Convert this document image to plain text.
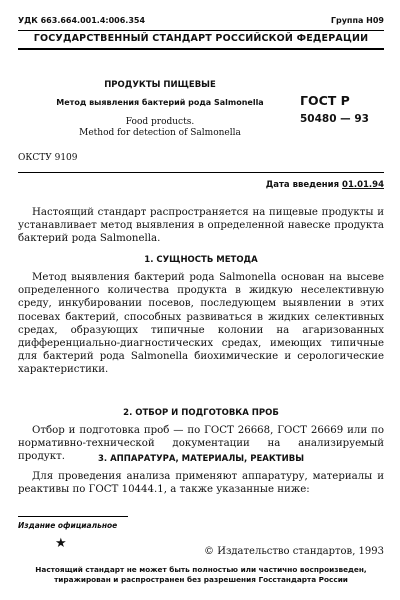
УДК 663.664.001.4:006.354	Группа Н09
ГОСУДАРСТВЕННЫЙ СТАНДАРТ РОССИЙСКОЙ ФЕДЕРАЦИИ
ПРОДУКТЫ ПИЩЕВЫЕ
Метод выявления бактерий рода Salmonella
Food products.
Method for detection of Salmonella
ГОСТ Р
50480 — 93
ОКСТУ 9109
Дата введения 01.01.94

Настоящий стандарт распространяется на пищевые продукты и устанавливает метод выявления в определенной навеске продукта бактерий рода Salmonella.

1. СУЩНОСТЬ МЕТОДА

Метод выявления бактерий рода Salmonella основан на высеве определенного количества продукта в жидкую неселективную среду, инкубировании посевов, последующем выявлении в этих посевах бактерий, способных развиваться в жидких селективных средах, образующих типичные колонии на агаризованных дифференциально-диагностических средах, имеющих типичные для бактерий рода Salmonella биохимические и серологические характеристики.

2. ОТБОР И ПОДГОТОВКА ПРОБ

Отбор и подготовка проб — по ГОСТ 26668, ГОСТ 26669 или по нормативно-технической документации на анализируемый продукт.	3. АППАРАТУРА, МАТЕРИАЛЫ, РЕАКТИВЫ

Для проведения анализа применяют аппаратуру, материалы и реактивы по ГОСТ 10444.1, а также указанные ниже:

Издание официальное
★
© Издательство стандартов, 1993
Настоящий стандарт не может быть полностью или частично воспроизведен,
тиражирован и распространен без разрешения Госстандарта России
